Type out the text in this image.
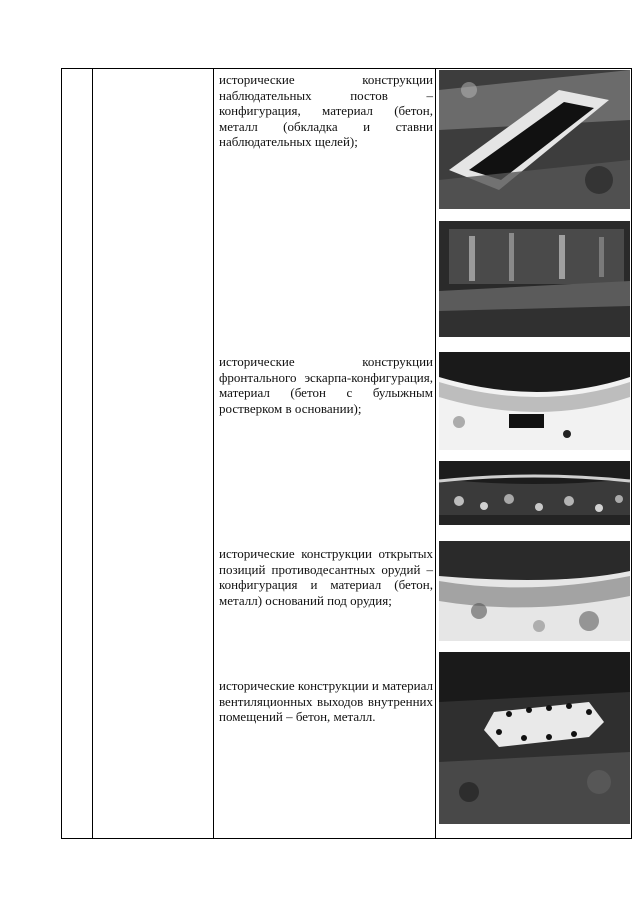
исторические конструкции наблюдательных постов – конфигурация, материал (бетон, металл (обкладка и ставни наблюдательных щелей);

исторические конструкции фронтального эскарпа-конфигурация, материал (бетон с булыжным ростверком в основании);

исторические конструкции открытых позиций противодесантных орудий – конфигурация и материал (бетон, металл) оснований под орудия;

исторические конструкции и материал вентиляционных выходов внутренних помещений – бетон, металл.
